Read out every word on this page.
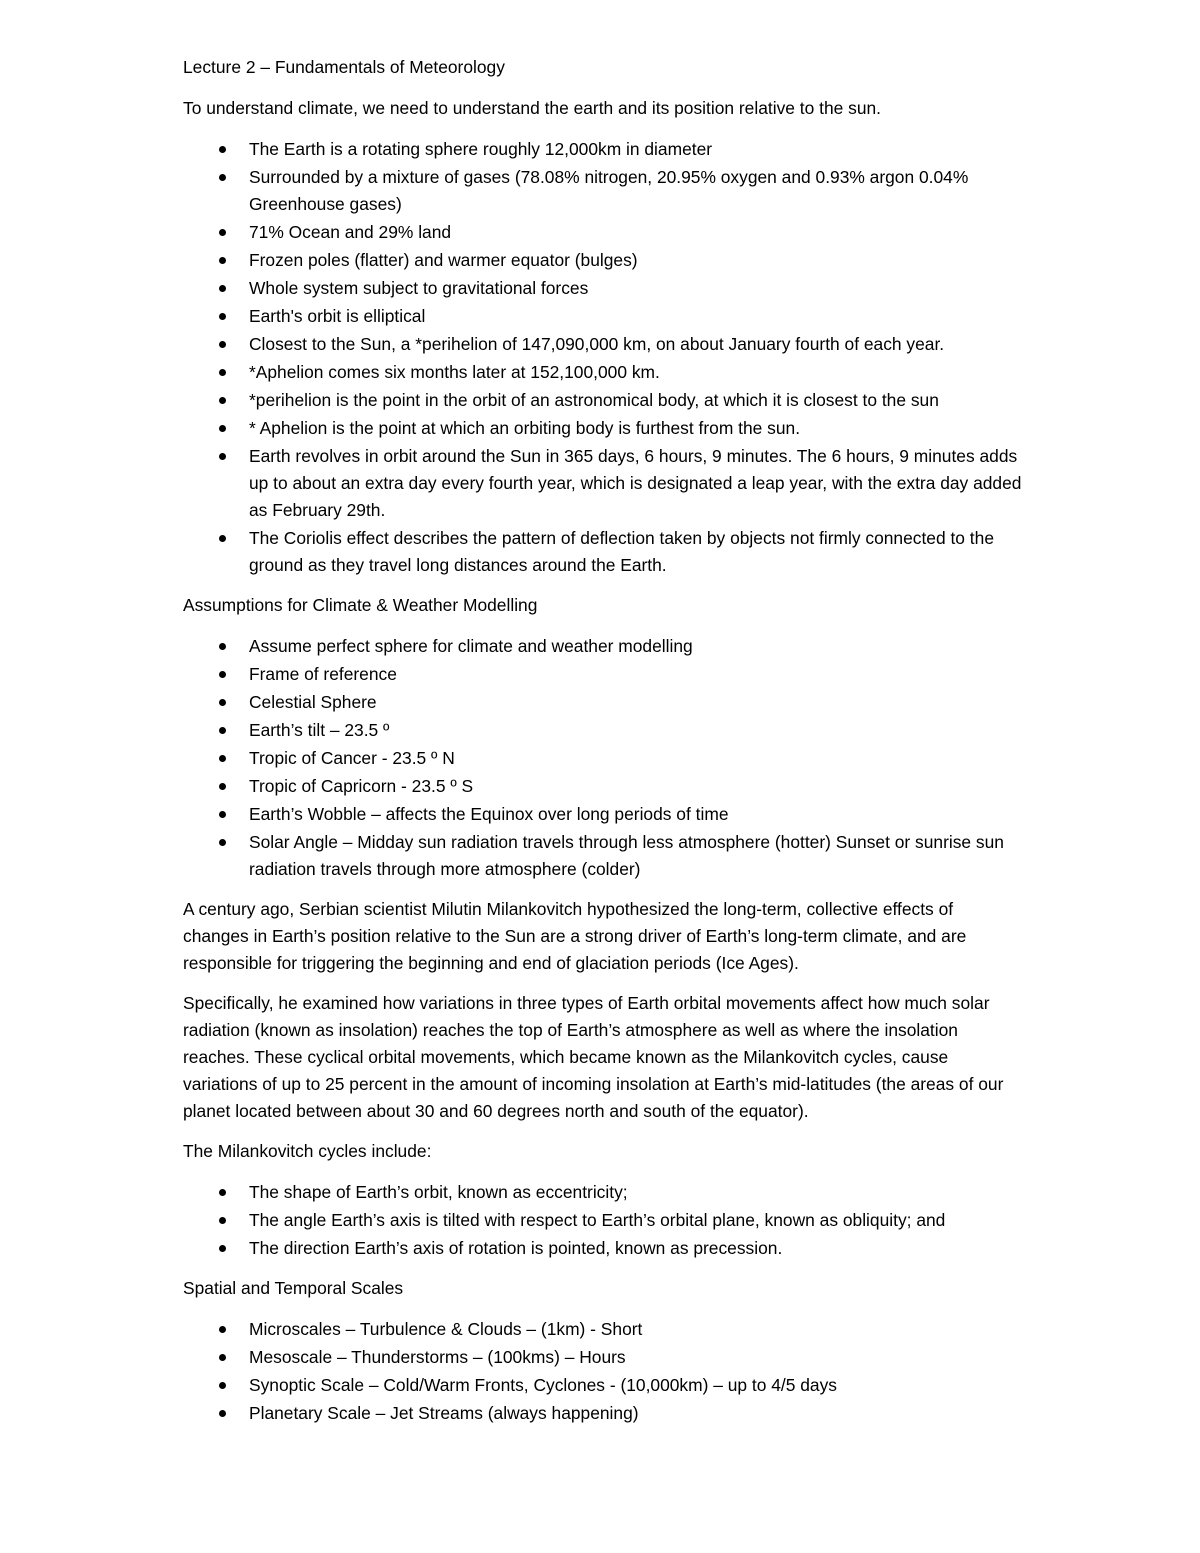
Lecture 2 – Fundamentals of Meteorology

To understand climate, we need to understand the earth and its position relative to the sun.

The Earth is a rotating sphere roughly 12,000km in diameter
Surrounded by a mixture of gases (78.08% nitrogen, 20.95% oxygen and 0.93% argon 0.04% Greenhouse gases)
71% Ocean and 29% land
Frozen poles (flatter) and warmer equator (bulges)
Whole system subject to gravitational forces
Earth's orbit is elliptical
Closest to the Sun, a *perihelion of 147,090,000 km, on about January fourth of each year.
*Aphelion comes six months later at 152,100,000 km.
*perihelion is the point in the orbit of an astronomical body, at which it is closest to the sun
* Aphelion is the point at which an orbiting body is furthest from the sun.
Earth revolves in orbit around the Sun in 365 days, 6 hours, 9 minutes. The 6 hours, 9 minutes adds up to about an extra day every fourth year, which is designated a leap year, with the extra day added as February 29th.
The Coriolis effect describes the pattern of deflection taken by objects not firmly connected to the ground as they travel long distances around the Earth.

Assumptions for Climate & Weather Modelling

Assume perfect sphere for climate and weather modelling
Frame of reference
Celestial Sphere
Earth’s tilt – 23.5 º
Tropic of Cancer - 23.5 º N
Tropic of Capricorn - 23.5 º S
Earth’s Wobble – affects the Equinox over long periods of time
Solar Angle – Midday sun radiation travels through less atmosphere (hotter) Sunset or sunrise sun radiation travels through more atmosphere (colder)

A century ago, Serbian scientist Milutin Milankovitch hypothesized the long-term, collective effects of changes in Earth’s position relative to the Sun are a strong driver of Earth’s long-term climate, and are responsible for triggering the beginning and end of glaciation periods (Ice Ages).

Specifically, he examined how variations in three types of Earth orbital movements affect how much solar radiation (known as insolation) reaches the top of Earth’s atmosphere as well as where the insolation reaches. These cyclical orbital movements, which became known as the Milankovitch cycles, cause variations of up to 25 percent in the amount of incoming insolation at Earth’s mid-latitudes (the areas of our planet located between about 30 and 60 degrees north and south of the equator).

The Milankovitch cycles include:

The shape of Earth’s orbit, known as eccentricity;
The angle Earth’s axis is tilted with respect to Earth’s orbital plane, known as obliquity; and
The direction Earth’s axis of rotation is pointed, known as precession.

Spatial and Temporal Scales

Microscales – Turbulence & Clouds – (1km) - Short
Mesoscale – Thunderstorms – (100kms) – Hours
Synoptic Scale – Cold/Warm Fronts, Cyclones - (10,000km) – up to 4/5 days
Planetary Scale – Jet Streams (always happening)
